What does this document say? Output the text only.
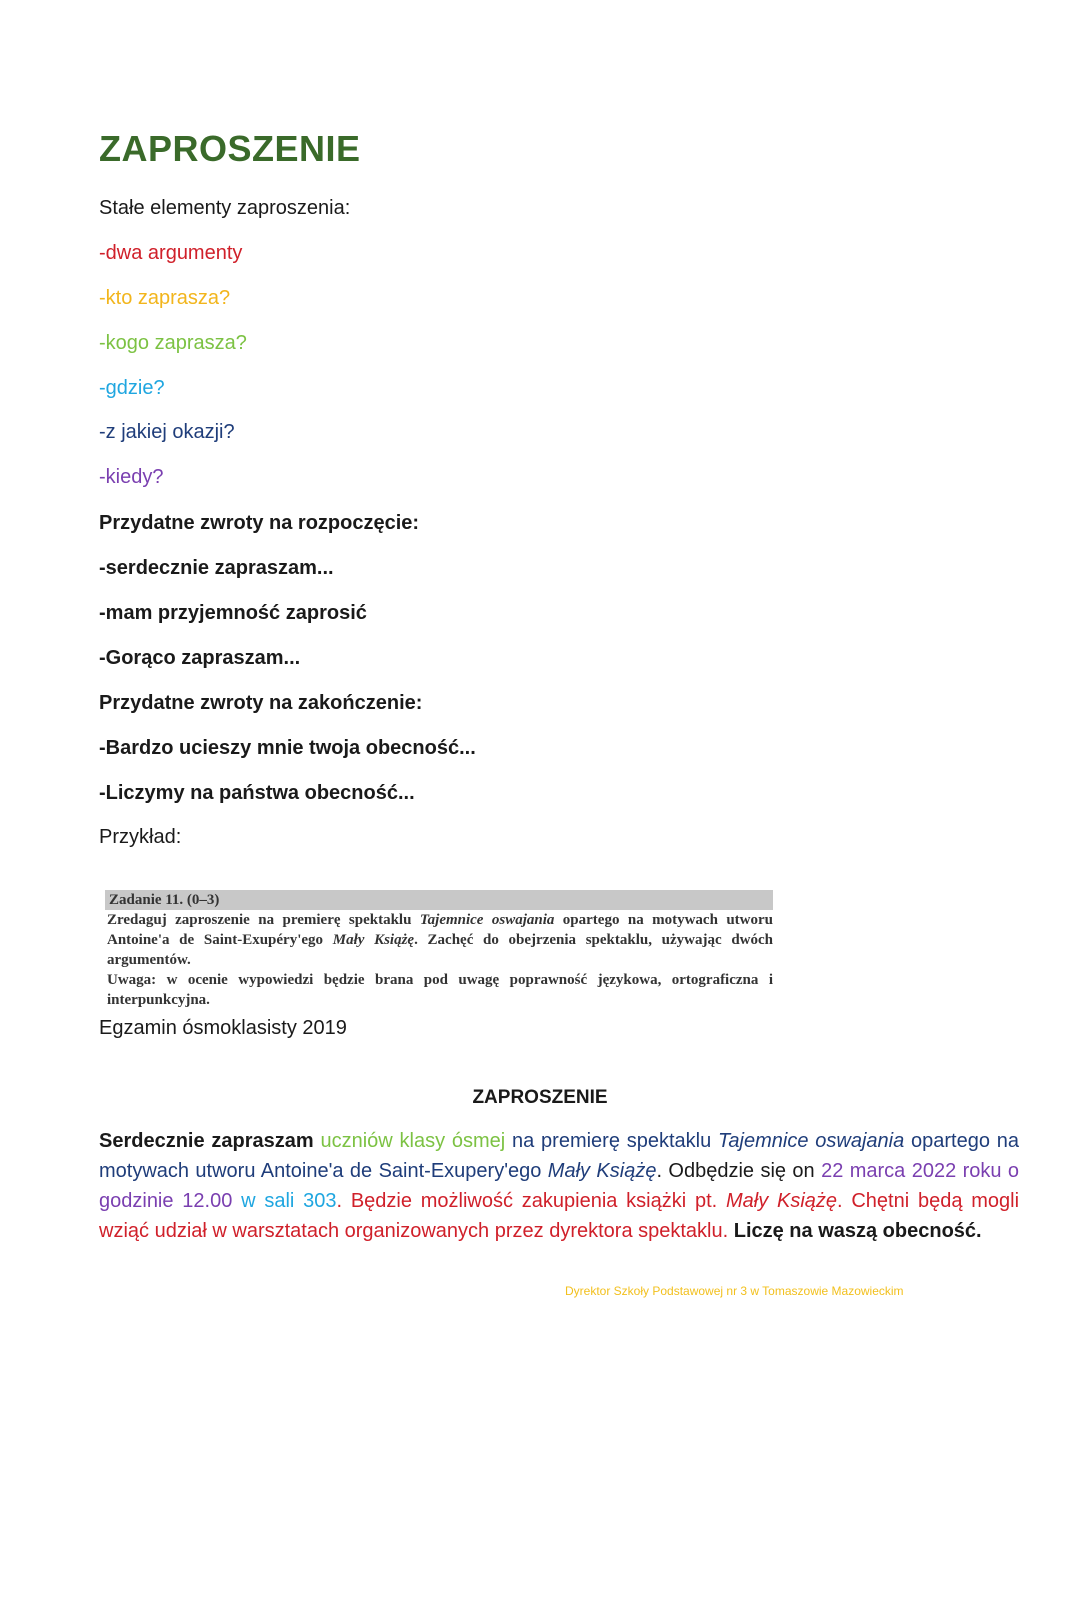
ZAPROSZENIE
Stałe elementy zaproszenia:
-dwa argumenty
-kto zaprasza?
-kogo zaprasza?
-gdzie?
-z jakiej okazji?
-kiedy?
Przydatne zwroty na rozpoczęcie:
-serdecznie zapraszam...
-mam przyjemność zaprosić
-Gorąco zapraszam...
Przydatne zwroty na zakończenie:
-Bardzo ucieszy mnie twoja obecność...
-Liczymy na państwa obecność...
Przykład:
Zadanie 11. (0–3)
Zredaguj zaproszenie na premierę spektaklu Tajemnice oswajania opartego na motywach utworu Antoine'a de Saint-Exupéry'ego Mały Książę. Zachęć do obejrzenia spektaklu, używając dwóch argumentów.
Uwaga: w ocenie wypowiedzi będzie brana pod uwagę poprawność językowa, ortograficzna i interpunkcyjna.
Egzamin ósmoklasisty 2019
ZAPROSZENIE
Serdecznie zapraszam uczniów klasy ósmej na premierę spektaklu Tajemnice oswajania opartego na motywach utworu Antoine'a de Saint-Exupery'ego Mały Książę. Odbędzie się on 22 marca 2022 roku o godzinie 12.00 w sali 303. Będzie możliwość zakupienia książki pt. Mały Książę. Chętni będą mogli wziąć udział w warsztatach organizowanych przez dyrektora spektaklu. Liczę na waszą obecność.
Dyrektor Szkoły Podstawowej nr 3 w Tomaszowie Mazowieckim
